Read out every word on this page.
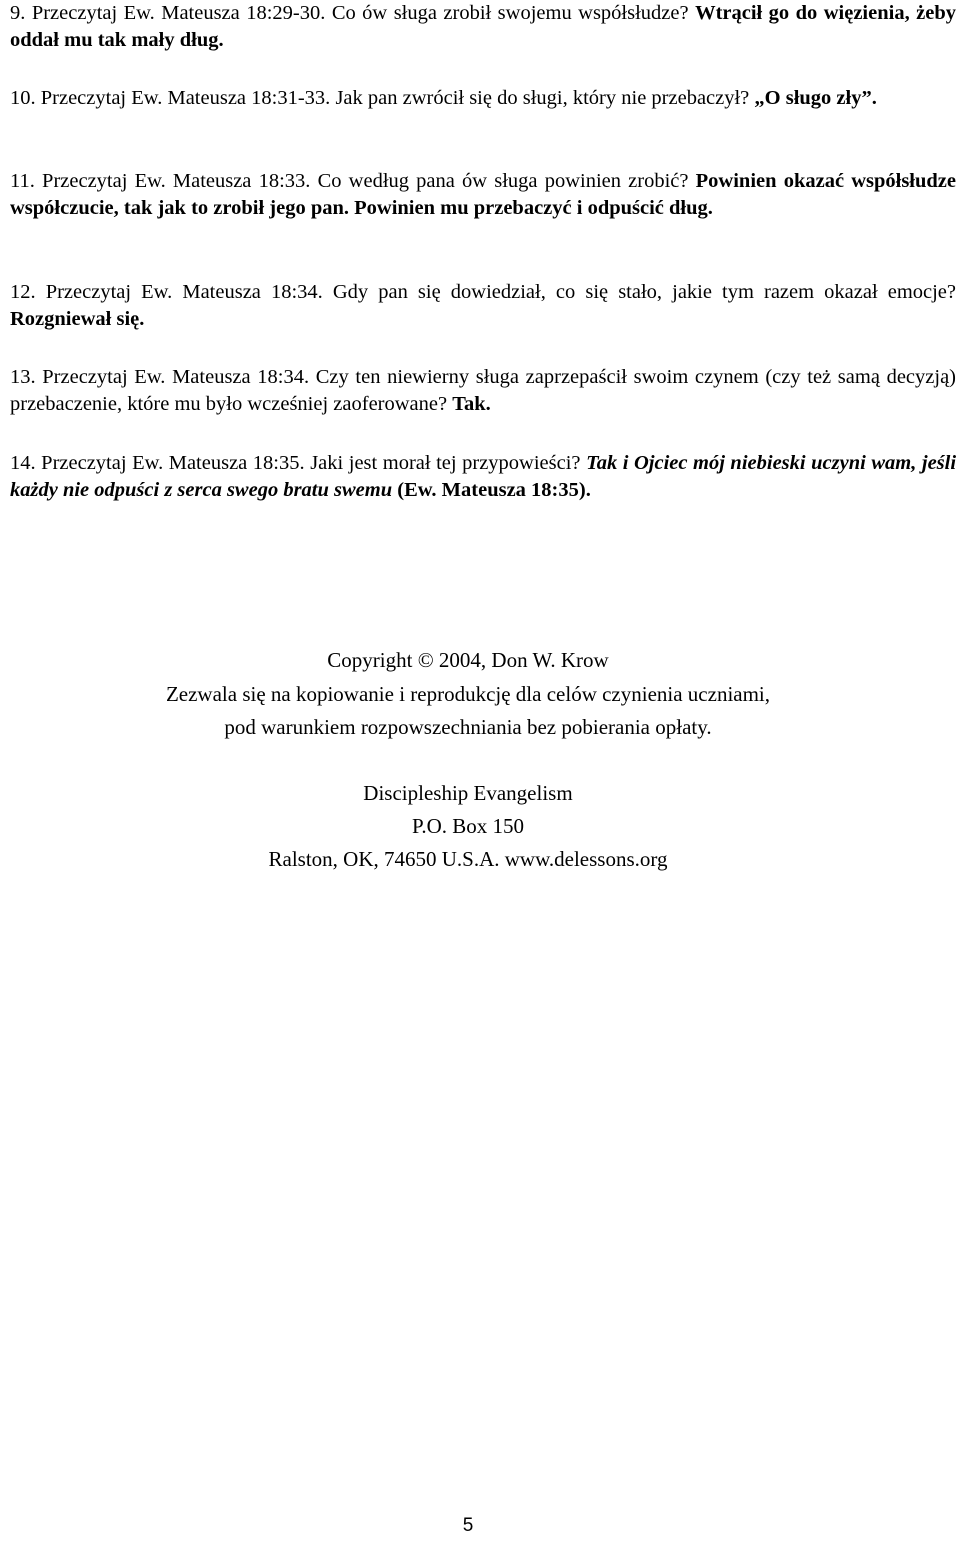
9. Przeczytaj Ew. Mateusza 18:29-30. Co ów sługa zrobił swojemu współsłudze? Wtrącił go do więzienia, żeby oddał mu tak mały dług.

10. Przeczytaj Ew. Mateusza 18:31-33. Jak pan zwrócił się do sługi, który nie przebaczył? „O sługo zły”.

11. Przeczytaj Ew. Mateusza 18:33. Co według pana ów sługa powinien zrobić? Powinien okazać współsłudze współczucie, tak jak to zrobił jego pan. Powinien mu przebaczyć i odpuścić dług.

12. Przeczytaj Ew. Mateusza 18:34. Gdy pan się dowiedział, co się stało, jakie tym razem okazał emocje? Rozgniewał się.

13. Przeczytaj Ew. Mateusza 18:34. Czy ten niewierny sługa zaprzepaścił swoim czynem (czy też samą decyzją) przebaczenie, które mu było wcześniej zaoferowane? Tak.

14. Przeczytaj Ew. Mateusza 18:35. Jaki jest morał tej przypowieści? Tak i Ojciec mój niebieski uczyni wam, jeśli każdy nie odpuści z serca swego bratu swemu (Ew. Mateusza 18:35).

Copyright © 2004, Don W. Krow

Zezwala się na kopiowanie i reprodukcję dla celów czynienia uczniami,

pod warunkiem rozpowszechniania bez pobierania opłaty.

Discipleship Evangelism

P.O. Box 150

Ralston, OK, 74650 U.S.A. www.delessons.org

5
